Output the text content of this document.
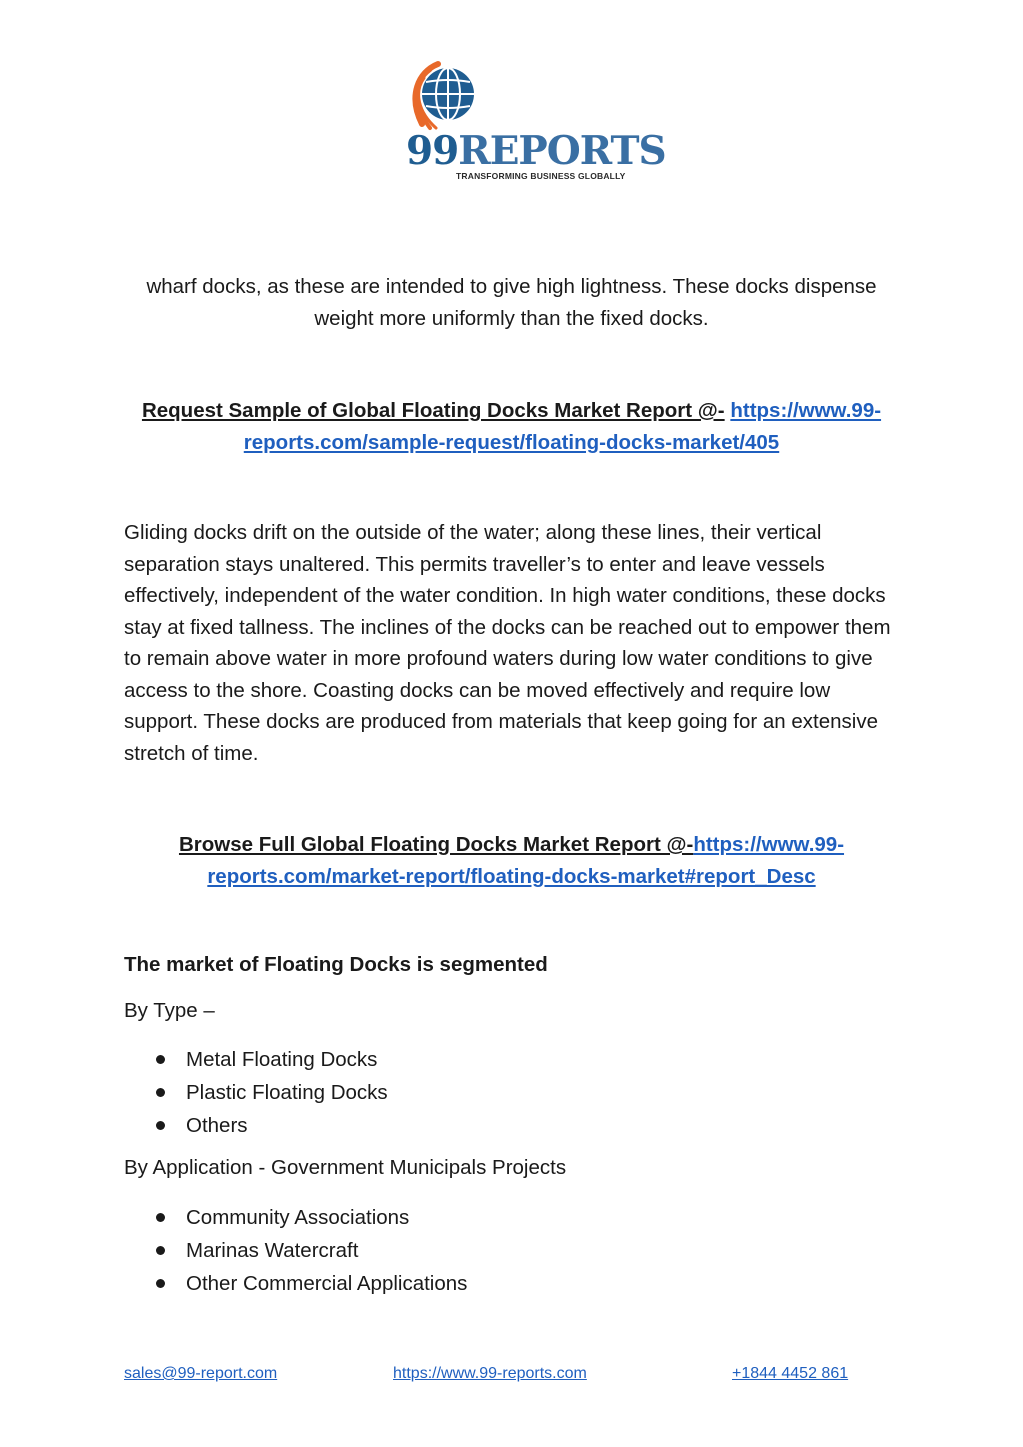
99REPORTS
TRANSFORMING BUSINESS GLOBALLY
wharf docks, as these are intended to give high lightness. These docks dispense
weight more uniformly than the fixed docks.
Request Sample of Global Floating Docks Market Report @- https://www.99-
reports.com/sample-request/floating-docks-market/405
Gliding docks drift on the outside of the water; along these lines, their vertical separation stays unaltered. This permits traveller’s to enter and leave vessels effectively, independent of the water condition. In high water conditions, these docks stay at fixed tallness. The inclines of the docks can be reached out to empower them to remain above water in more profound waters during low water conditions to give access to the shore. Coasting docks can be moved effectively and require low support. These docks are produced from materials that keep going for an extensive stretch of time.
Browse Full Global Floating Docks Market Report @-https://www.99-
reports.com/market-report/floating-docks-market#report_Desc
The market of Floating Docks is segmented
By Type –
Metal Floating Docks
Plastic Floating Docks
Others
By Application - Government Municipals Projects
Community Associations
Marinas Watercraft
Other Commercial Applications
sales@99-report.com	https://www.99-reports.com	+1844 4452 861
